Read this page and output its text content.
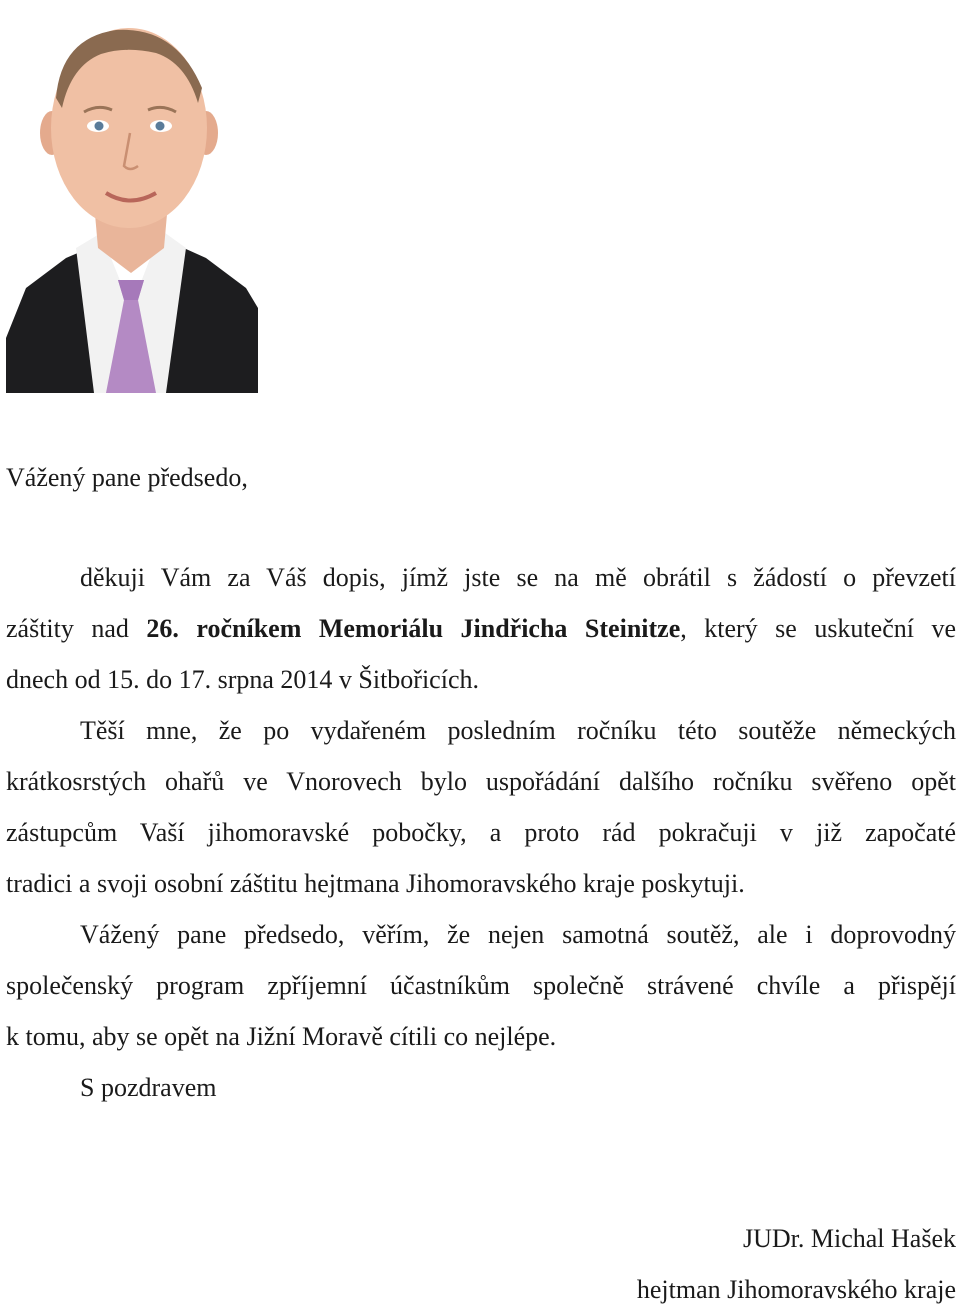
Vážený pane předsedo,
děkuji Vám za Váš dopis, jímž jste se na mě obrátil s žádostí o převzetí
záštity nad 26. ročníkem Memoriálu Jindřicha Steinitze, který se uskuteční ve
dnech od 15. do 17. srpna 2014 v Šitbořicích.
Těší mne, že po vydařeném posledním ročníku této soutěže německých
krátkosrstých ohařů ve Vnorovech bylo uspořádání dalšího ročníku svěřeno opět
zástupcům Vaší jihomoravské pobočky, a proto rád pokračuji v již započaté
tradici a svoji osobní záštitu hejtmana Jihomoravského kraje poskytuji.
Vážený pane předsedo, věřím, že nejen samotná soutěž, ale i doprovodný
společenský program zpříjemní účastníkům společně strávené chvíle a přispějí
k tomu, aby se opět na Jižní Moravě cítili co nejlépe.
S pozdravem
JUDr. Michal Hašek
hejtman Jihomoravského kraje
